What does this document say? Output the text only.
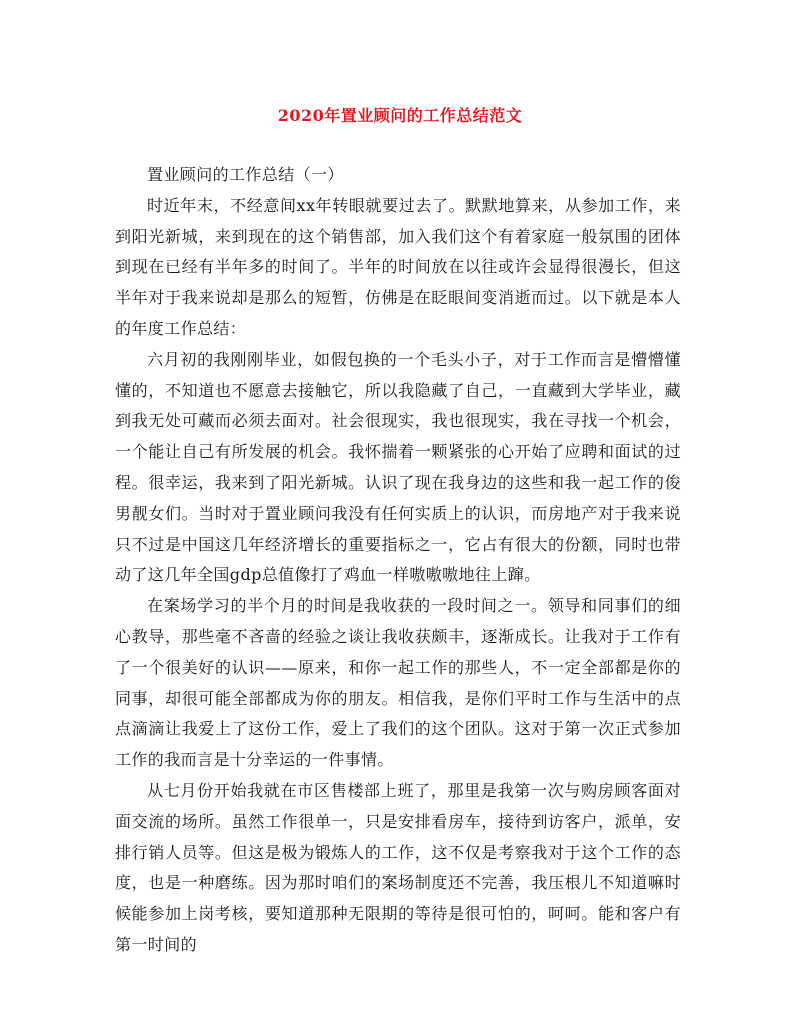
2020年置业顾问的工作总结范文

置业顾问的工作总结（一）

时近年末，不经意间xx年转眼就要过去了。默默地算来，从参加工作，来到阳光新城，来到现在的这个销售部，加入我们这个有着家庭一般氛围的团体到现在已经有半年多的时间了。半年的时间放在以往或许会显得很漫长，但这半年对于我来说却是那么的短暂，仿佛是在眨眼间变消逝而过。以下就是本人的年度工作总结：

六月初的我刚刚毕业，如假包换的一个毛头小子，对于工作而言是懵懵懂懂的，不知道也不愿意去接触它，所以我隐藏了自己，一直藏到大学毕业，藏到我无处可藏而必须去面对。社会很现实，我也很现实，我在寻找一个机会，一个能让自己有所发展的机会。我怀揣着一颗紧张的心开始了应聘和面试的过程。很幸运，我来到了阳光新城。认识了现在我身边的这些和我一起工作的俊男靓女们。当时对于置业顾问我没有任何实质上的认识，而房地产对于我来说只不过是中国这几年经济增长的重要指标之一，它占有很大的份额，同时也带动了这几年全国gdp总值像打了鸡血一样嗷嗷嗷地往上蹿。

在案场学习的半个月的时间是我收获的一段时间之一。领导和同事们的细心教导，那些毫不吝啬的经验之谈让我收获颇丰，逐渐成长。让我对于工作有了一个很美好的认识——原来，和你一起工作的那些人，不一定全部都是你的同事，却很可能全部都成为你的朋友。相信我，是你们平时工作与生活中的点点滴滴让我爱上了这份工作，爱上了我们的这个团队。这对于第一次正式参加工作的我而言是十分幸运的一件事情。

从七月份开始我就在市区售楼部上班了，那里是我第一次与购房顾客面对面交流的场所。虽然工作很单一，只是安排看房车，接待到访客户，派单，安排行销人员等。但这是极为锻炼人的工作，这不仅是考察我对于这个工作的态度，也是一种磨练。因为那时咱们的案场制度还不完善，我压根儿不知道嘛时候能参加上岗考核，要知道那种无限期的等待是很可怕的，呵呵。能和客户有第一时间的
